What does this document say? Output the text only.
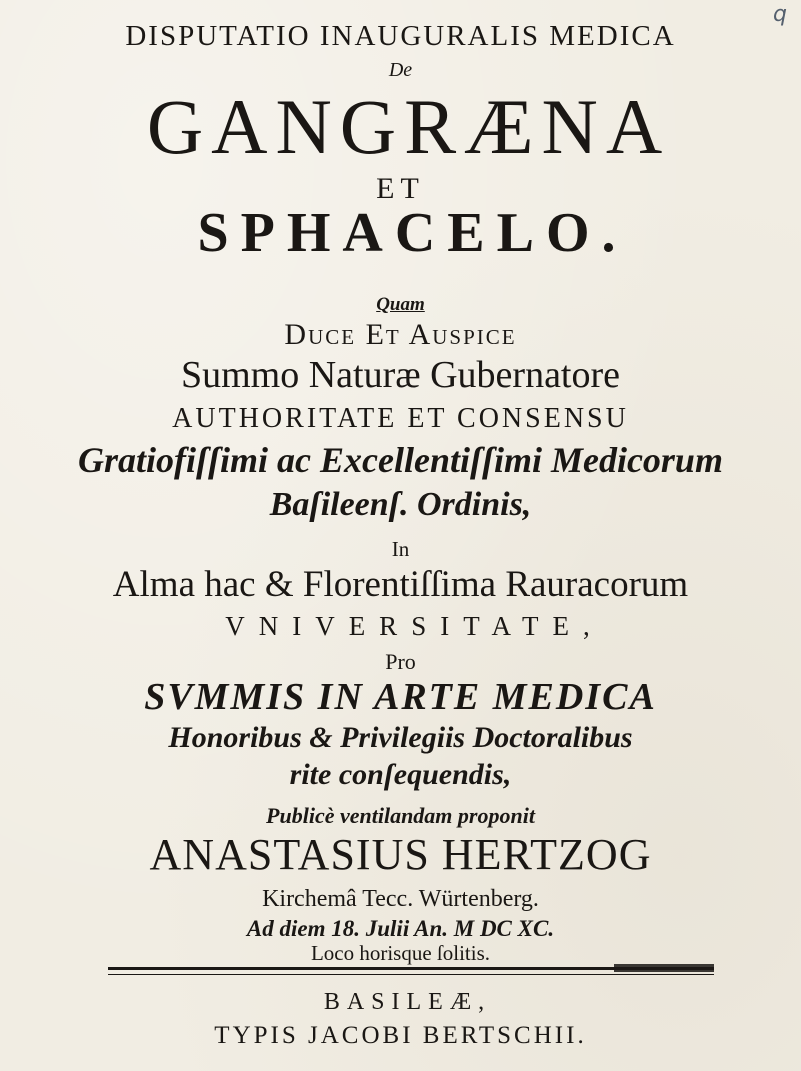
q
DISPUTATIO INAUGURALIS MEDICA
De
GANGRÆNA
ET
SPHACELO.
Quam
Duce Et Auspice
Summo Naturæ Gubernatore
AUTHORITATE ET CONSENSU
Gratiofiſſimi ac Excellentiſſimi Medicorum
Baſileenſ. Ordinis,
In
Alma hac & Florentiſſima Rauracorum
VNIVERSITATE,
Pro
SVMMIS IN ARTE MEDICA
Honoribus & Privilegiis Doctoralibus
rite conſequendis,
Publicè ventilandam proponit
ANASTASIUS HERTZOG
Kirchemâ Tecc. Würtenberg.
Ad diem 18. Julii An. M DC XC.
Loco horisque ſolitis.
BASILEÆ,
TYPIS JACOBI BERTSCHII.
